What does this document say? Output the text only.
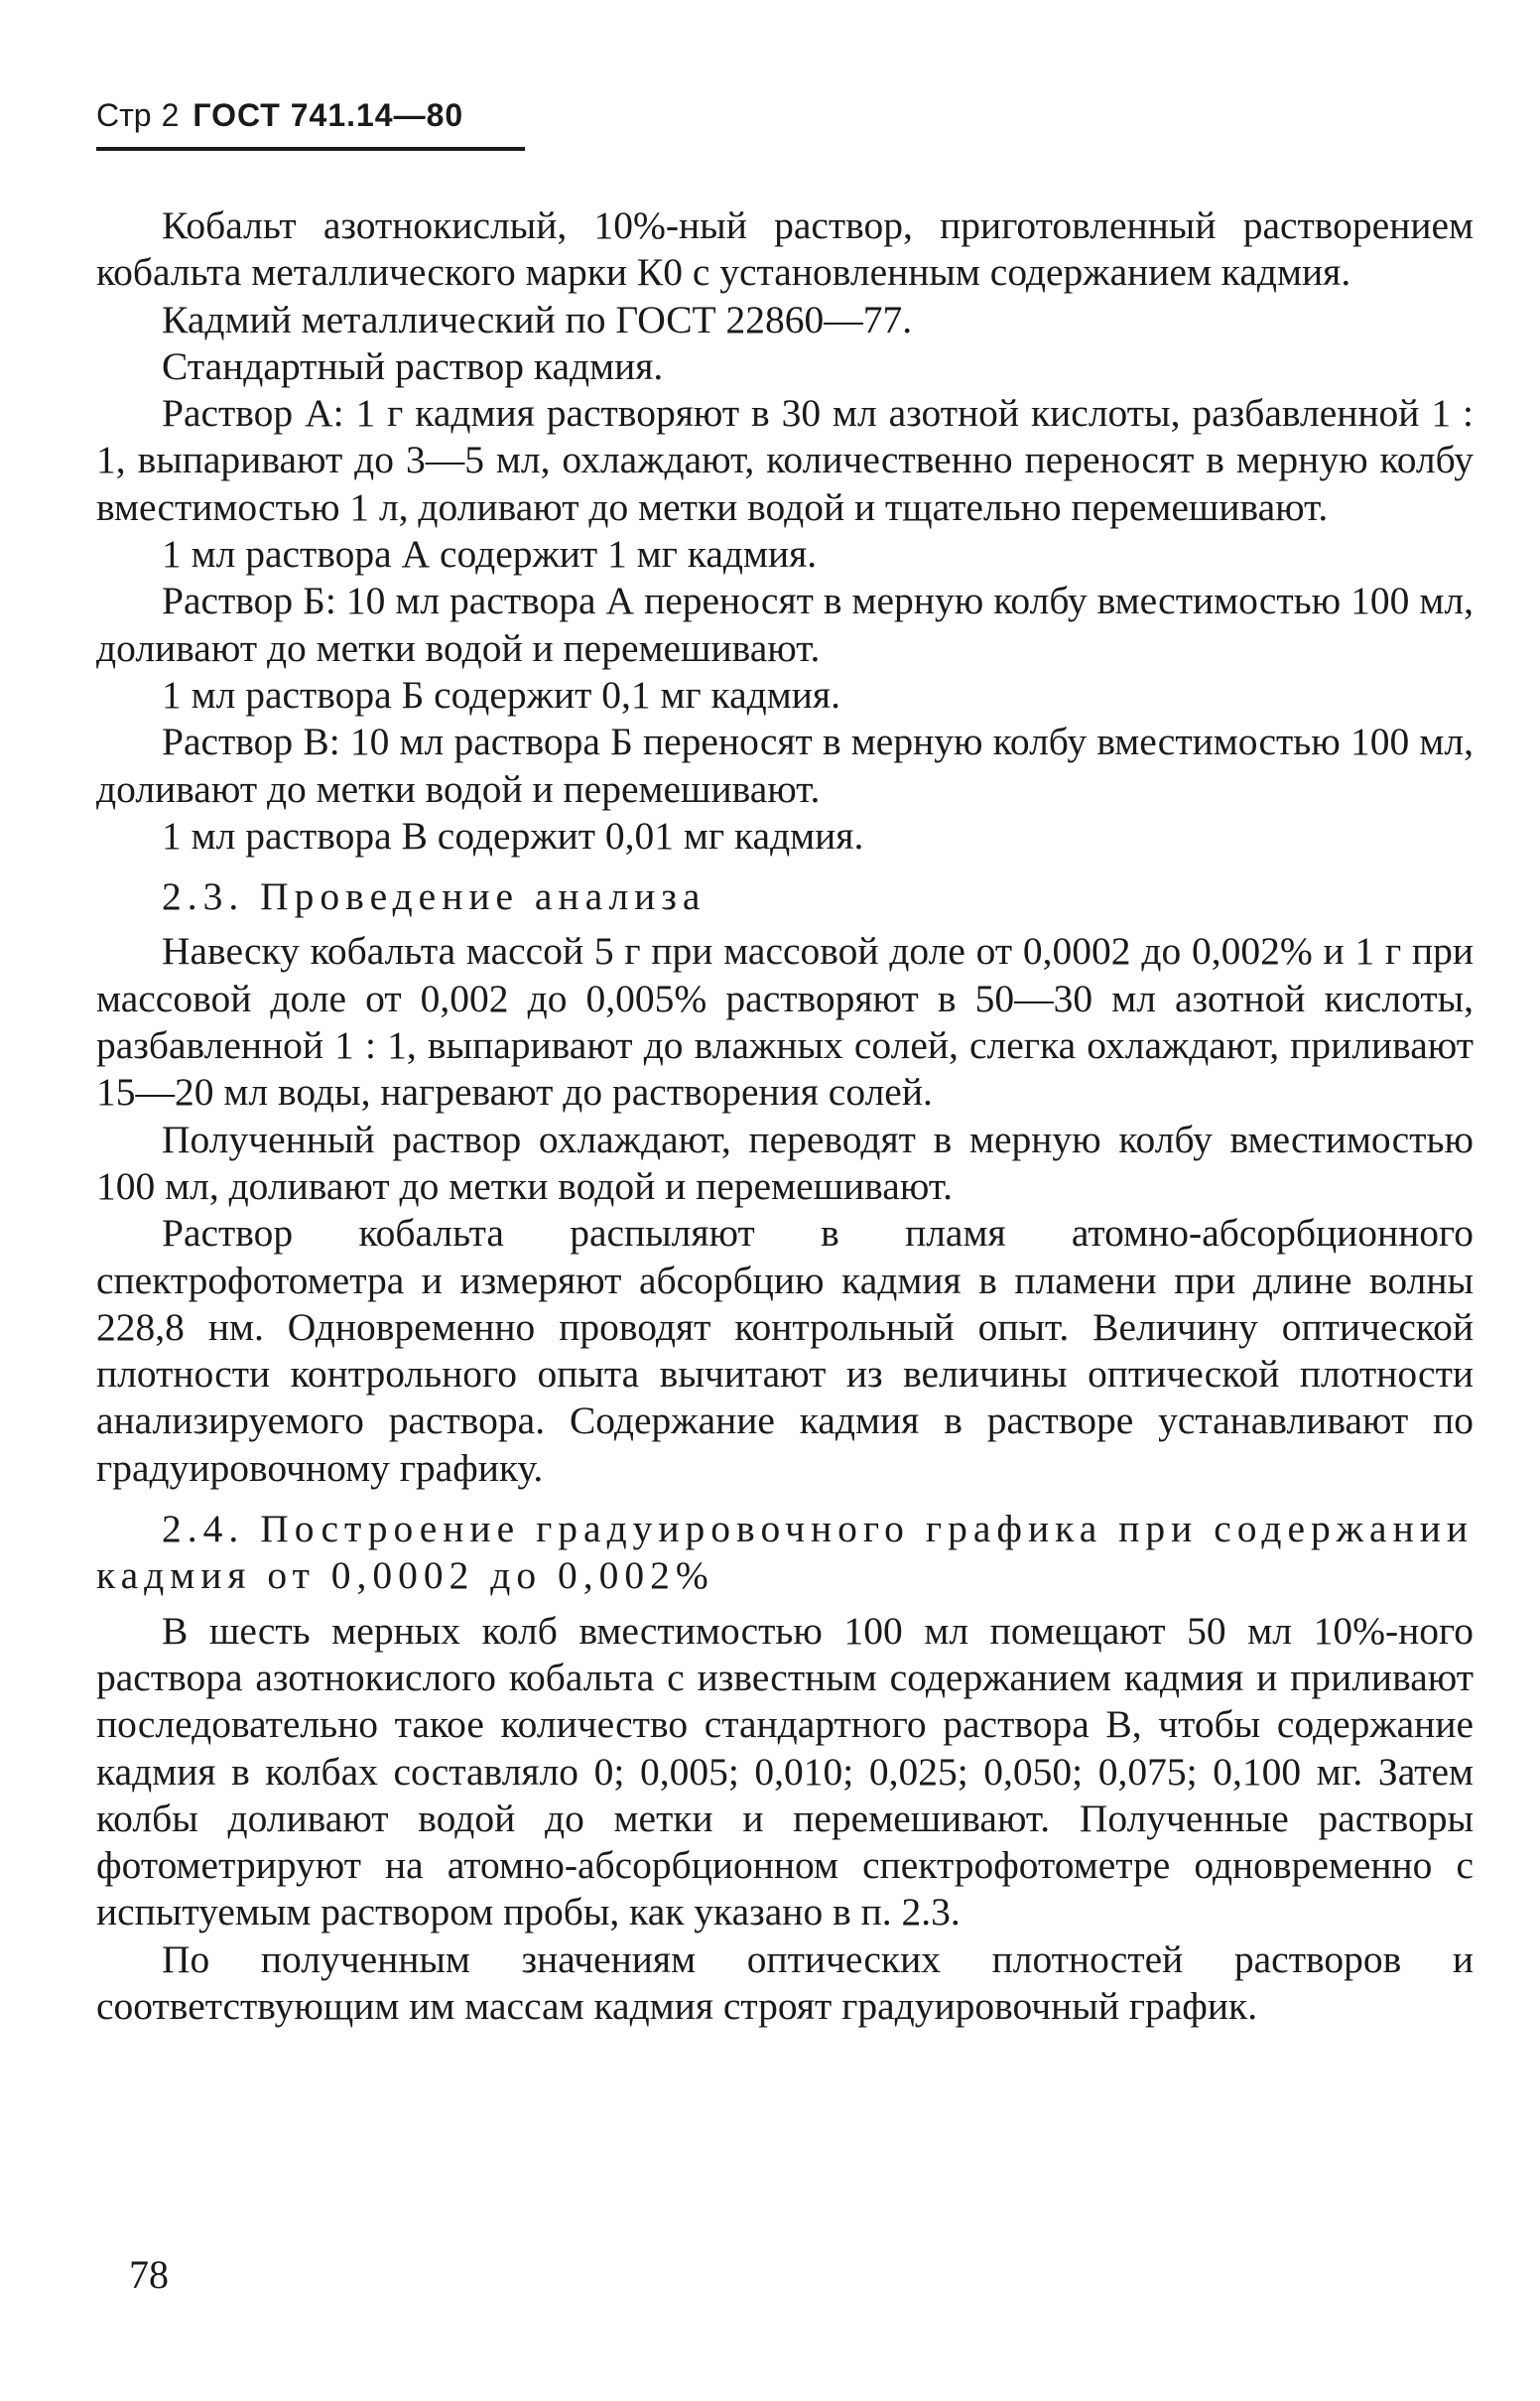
Стр 2 ГОСТ 741.14—80

Кобальт азотнокислый, 10%-ный раствор, приготовленный растворением кобальта металлического марки К0 с установленным содержанием кадмия.

Кадмий металлический по ГОСТ 22860—77.

Стандартный раствор кадмия.

Раствор А: 1 г кадмия растворяют в 30 мл азотной кислоты, разбавленной 1 : 1, выпаривают до 3—5 мл, охлаждают, количественно переносят в мерную колбу вместимостью 1 л, доливают до метки водой и тщательно перемешивают.

1 мл раствора А содержит 1 мг кадмия.

Раствор Б: 10 мл раствора А переносят в мерную колбу вместимостью 100 мл, доливают до метки водой и перемешивают.

1 мл раствора Б содержит 0,1 мг кадмия.

Раствор В: 10 мл раствора Б переносят в мерную колбу вместимостью 100 мл, доливают до метки водой и перемешивают.

1 мл раствора В содержит 0,01 мг кадмия.

2.3. Проведение анализа

Навеску кобальта массой 5 г при массовой доле от 0,0002 до 0,002% и 1 г при массовой доле от 0,002 до 0,005% растворяют в 50—30 мл азотной кислоты, разбавленной 1 : 1, выпаривают до влажных солей, слегка охлаждают, приливают 15—20 мл воды, нагревают до растворения солей.

Полученный раствор охлаждают, переводят в мерную колбу вместимостью 100 мл, доливают до метки водой и перемешивают.

Раствор кобальта распыляют в пламя атомно-абсорбционного спектрофотометра и измеряют абсорбцию кадмия в пламени при длине волны 228,8 нм. Одновременно проводят контрольный опыт. Величину оптической плотности контрольного опыта вычитают из величины оптической плотности анализируемого раствора. Содержание кадмия в растворе устанавливают по градуировочному графику.

2.4. Построение градуировочного графика при содержании кадмия от 0,0002 до 0,002%

В шесть мерных колб вместимостью 100 мл помещают 50 мл 10%-ного раствора азотнокислого кобальта с известным содержанием кадмия и приливают последовательно такое количество стандартного раствора В, чтобы содержание кадмия в колбах составляло 0; 0,005; 0,010; 0,025; 0,050; 0,075; 0,100 мг. Затем колбы доливают водой до метки и перемешивают. Полученные растворы фотометрируют на атомно-абсорбционном спектрофотометре одновременно с испытуемым раствором пробы, как указано в п. 2.3.

По полученным значениям оптических плотностей растворов и соответствующим им массам кадмия строят градуировочный график.

78
